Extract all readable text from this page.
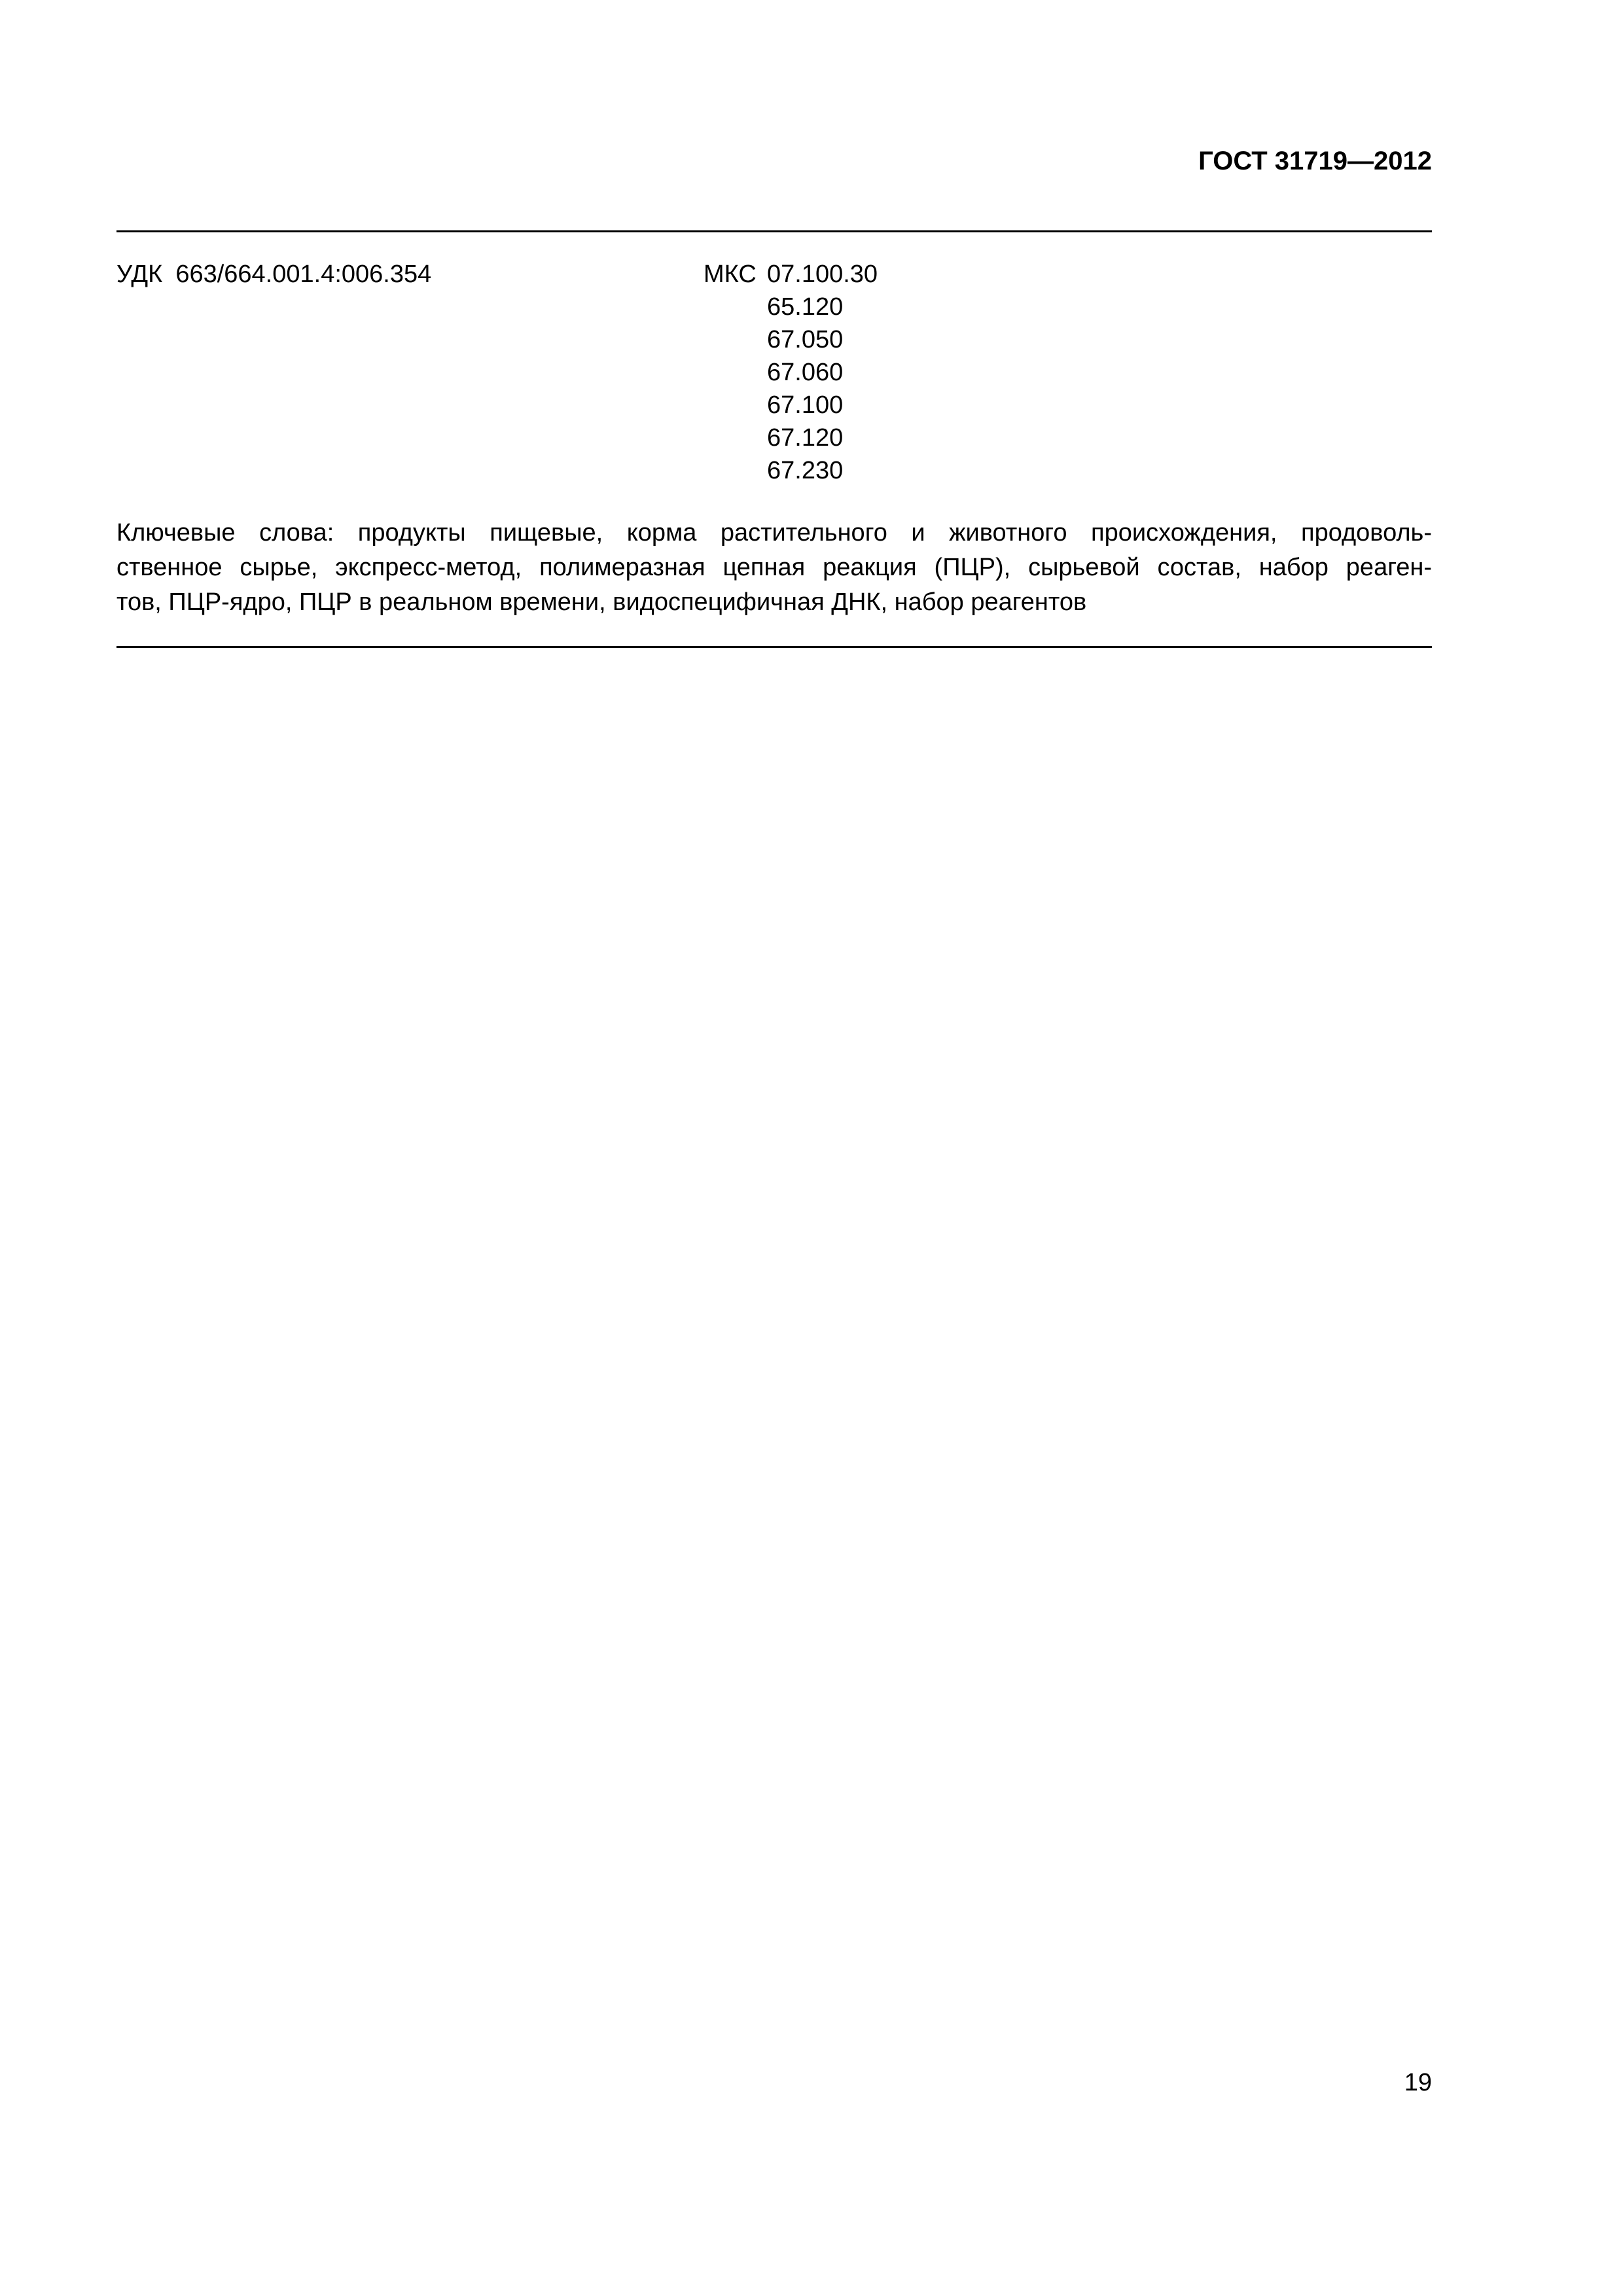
ГОСТ 31719—2012
УДК 663/664.001.4:006.354	МКС 07.100.30
65.120
67.050
67.060
67.100
67.120
67.230
Ключевые слова: продукты пищевые, корма растительного и животного происхождения, продоволь-
ственное сырье, экспресс-метод, полимеразная цепная реакция (ПЦР), сырьевой состав, набор реаген-
тов, ПЦР-ядро, ПЦР в реальном времени, видоспецифичная ДНК, набор реагентов
19
